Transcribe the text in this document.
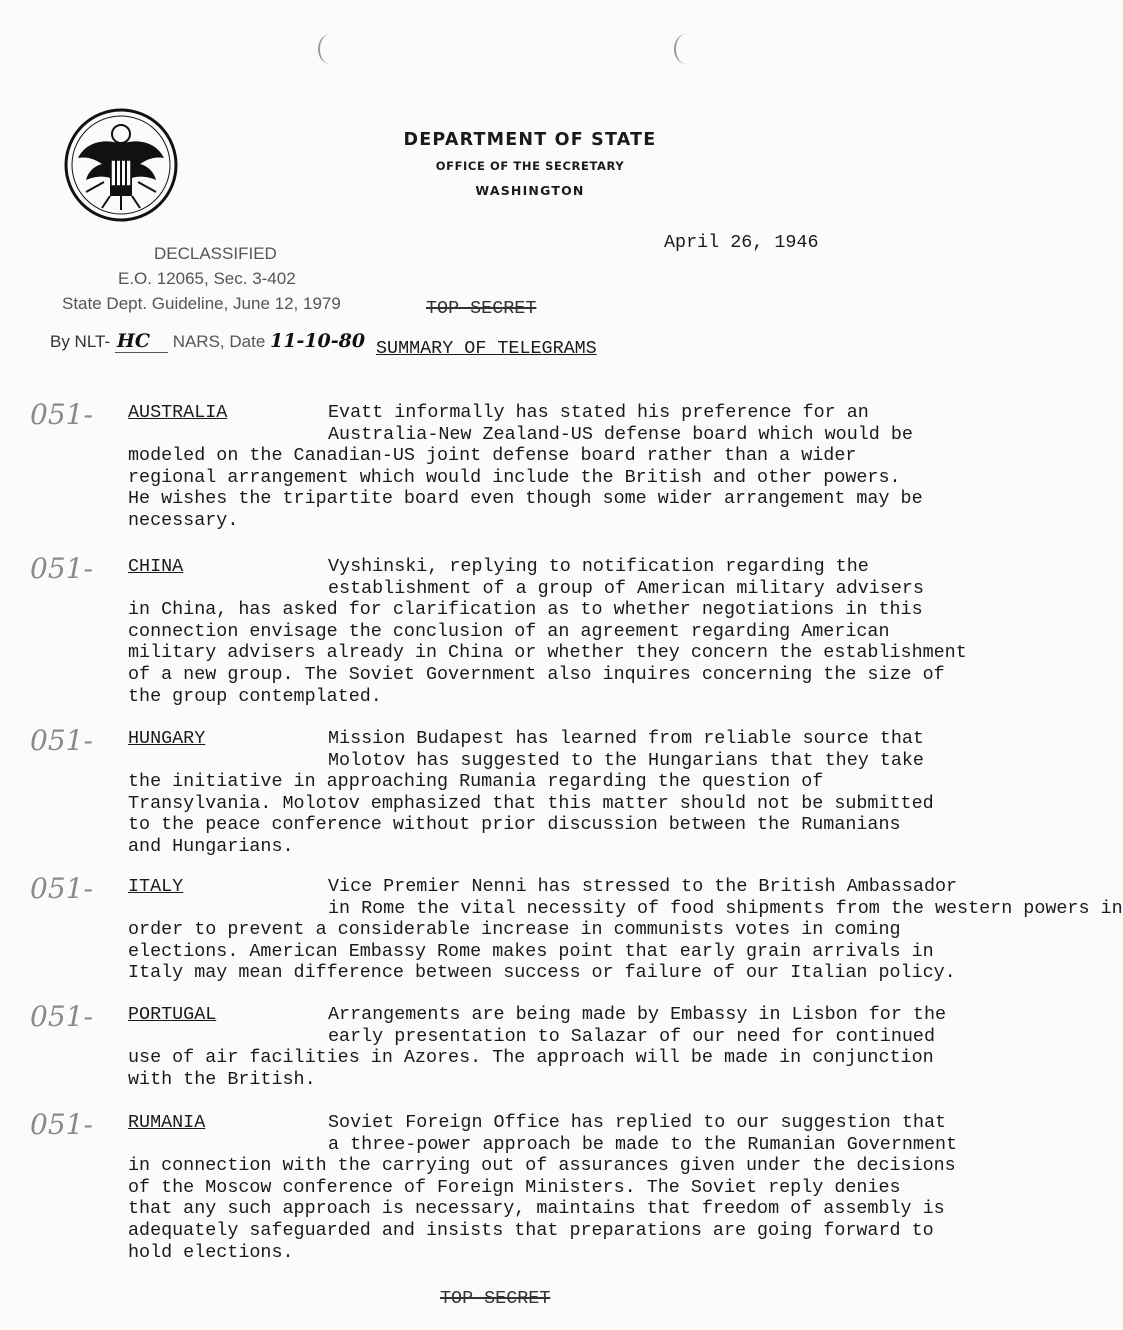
DEPARTMENT OF STATE
OFFICE OF THE SECRETARY
WASHINGTON
April 26, 1946
DECLASSIFIED
E.O. 12065, Sec. 3-402
State Dept. Guideline, June 12, 1979
By NLT- HC NARS, Date 11-10-80
TOP SECRET
SUMMARY OF TELEGRAMS
051- AUSTRALIA	Evatt informally has stated his preference for an
Australia-New Zealand-US defense board which would be
modeled on the Canadian-US joint defense board rather than a wider
regional arrangement which would include the British and other powers.
He wishes the tripartite board even though some wider arrangement may be
necessary.
051- CHINA	Vyshinski, replying to notification regarding the
establishment of a group of American military advisers
in China, has asked for clarification as to whether negotiations in this
connection envisage the conclusion of an agreement regarding American
military advisers already in China or whether they concern the establishment
of a new group. The Soviet Government also inquires concerning the size of
the group contemplated.
051- HUNGARY	Mission Budapest has learned from reliable source that
Molotov has suggested to the Hungarians that they take
the initiative in approaching Rumania regarding the question of
Transylvania. Molotov emphasized that this matter should not be submitted
to the peace conference without prior discussion between the Rumanians
and Hungarians.
051- ITALY	Vice Premier Nenni has stressed to the British Ambassador
in Rome the vital necessity of food shipments from the western powers in
order to prevent a considerable increase in communists votes in coming
elections. American Embassy Rome makes point that early grain arrivals in
Italy may mean difference between success or failure of our Italian policy.
051- PORTUGAL	Arrangements are being made by Embassy in Lisbon for the
early presentation to Salazar of our need for continued
use of air facilities in Azores. The approach will be made in conjunction
with the British.
051- RUMANIA	Soviet Foreign Office has replied to our suggestion that
a three-power approach be made to the Rumanian Government
in connection with the carrying out of assurances given under the decisions
of the Moscow conference of Foreign Ministers. The Soviet reply denies
that any such approach is necessary, maintains that freedom of assembly is
adequately safeguarded and insists that preparations are going forward to
hold elections.
TOP SECRET
